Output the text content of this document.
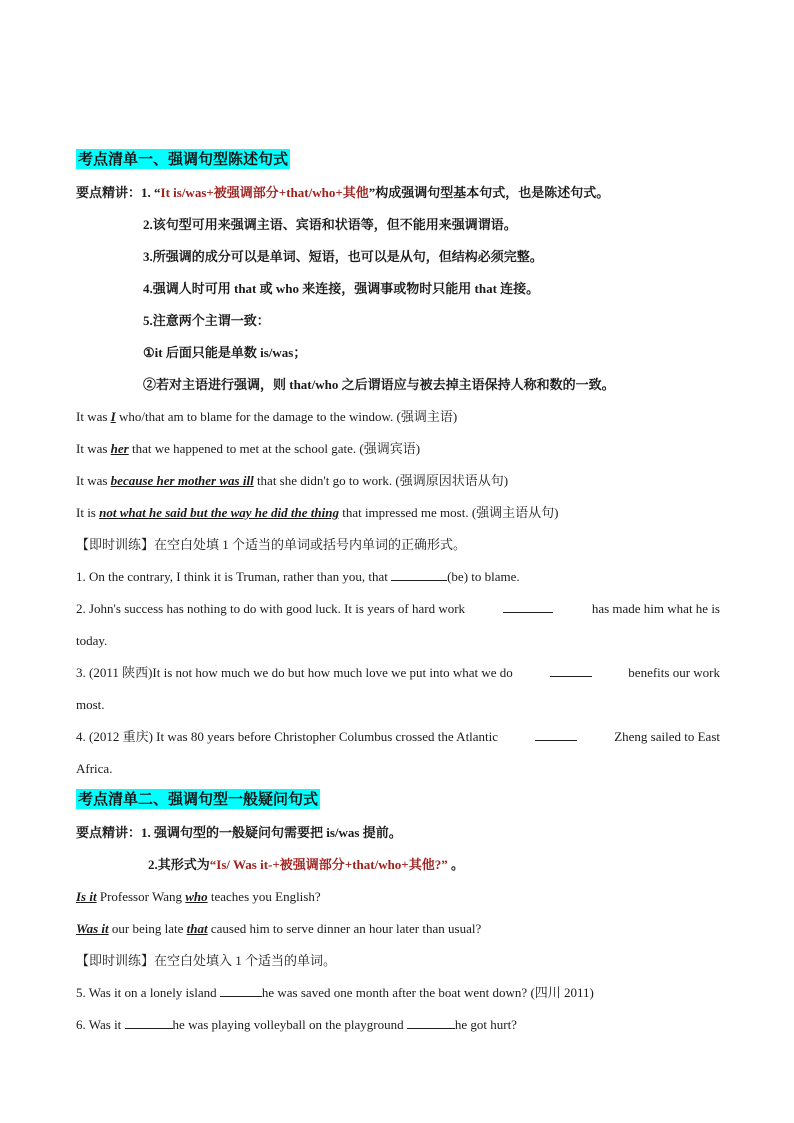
考点清单一、强调句型陈述句式
要点精讲：1. “It is/was+被强调部分+that/who+其他”构成强调句型基本句式，也是陈述句式。
2.该句型可用来强调主语、宾语和状语等，但不能用来强调谓语。
3.所强调的成分可以是单词、短语，也可以是从句，但结构必须完整。
4.强调人时可用 that 或 who 来连接，强调事或物时只能用 that 连接。
5.注意两个主谓一致：
①it 后面只能是单数 is/was；
②若对主语进行强调，则 that/who 之后谓语应与被去掉主语保持人称和数的一致。
It was I who/that am to blame for the damage to the window. (强调主语)
It was her that we happened to met at the school gate. (强调宾语)
It was because her mother was ill that she didn't go to work. (强调原因状语从句)
It is not what he said but the way he did the thing that impressed me most. (强调主语从句)
【即时训练】在空白处填 1 个适当的单词或括号内单词的正确形式。
1. On the contrary, I think it is Truman, rather than you, that	(be) to blame.
2. John's success has nothing to do with good luck. It is years of hard work	has made him what he is
today.
3. (2011 陕西)It is not how much we do but how much love we put into what we do	benefits our work
most.
4. (2012 重庆) It was 80 years before Christopher Columbus crossed the Atlantic	Zheng sailed to East
Africa.
考点清单二、强调句型一般疑问句式
要点精讲：1. 强调句型的一般疑问句需要把 is/was 提前。
2.其形式为“Is/ Was it-+被强调部分+that/who+其他?” 。
Is it Professor Wang who teaches you English?
Was it our being late that caused him to serve dinner an hour later than usual?
【即时训练】在空白处填入 1 个适当的单词。
5. Was it on a lonely island	he was saved one month after the boat went down? (四川 2011)
6. Was it	he was playing volleyball on the playground	he got hurt?
